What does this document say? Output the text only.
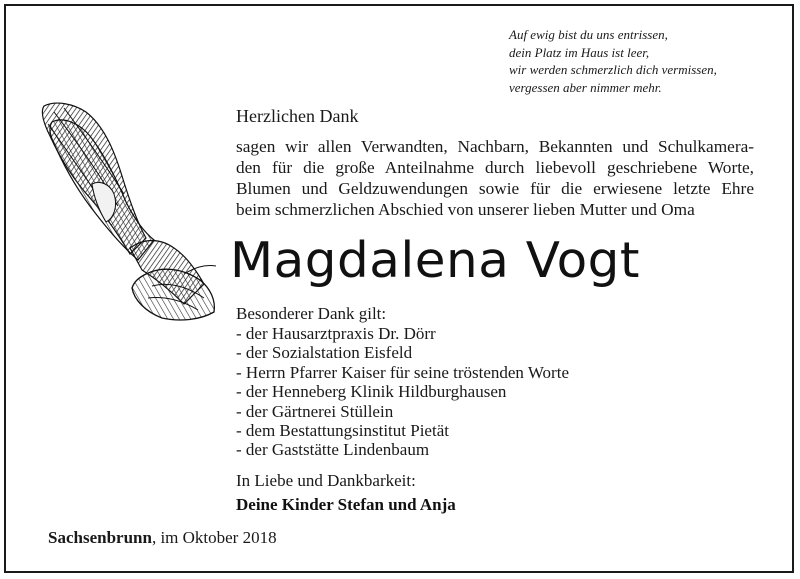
Auf ewig bist du uns entrissen,
dein Platz im Haus ist leer,
wir werden schmerzlich dich vermissen,
vergessen aber nimmer mehr.
Herzlichen Dank
sagen wir allen Verwandten, Nachbarn, Bekannten und Schulkamera-
den für die große Anteilnahme durch liebevoll geschriebene Worte,
Blumen und Geldzuwendungen sowie für die erwiesene letzte Ehre
beim schmerzlichen Abschied von unserer lieben Mutter und Oma
Magdalena Vogt
Besonderer Dank gilt:
- der Hausarztpraxis Dr. Dörr
- der Sozialstation Eisfeld
- Herrn Pfarrer Kaiser für seine tröstenden Worte
- der Henneberg Klinik Hildburghausen
- der Gärtnerei Stüllein
- dem Bestattungsinstitut Pietät
- der Gaststätte Lindenbaum
In Liebe und Dankbarkeit:
Deine Kinder Stefan und Anja
Sachsenbrunn, im Oktober 2018
